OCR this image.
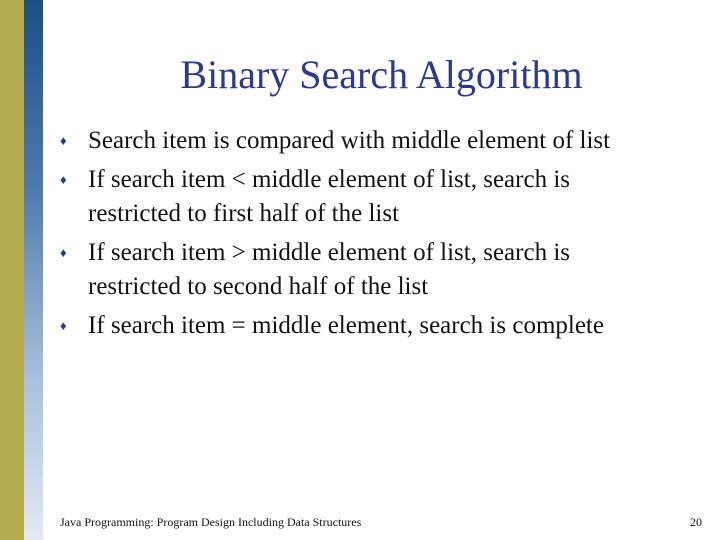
Binary Search Algorithm
♦ Search item is compared with middle element of list
♦ If search item < middle element of list, search is restricted to first half of the list
♦ If search item > middle element of list, search is restricted to second half of the list
♦ If search item = middle element, search is complete
Java Programming: Program Design Including Data Structures	20
